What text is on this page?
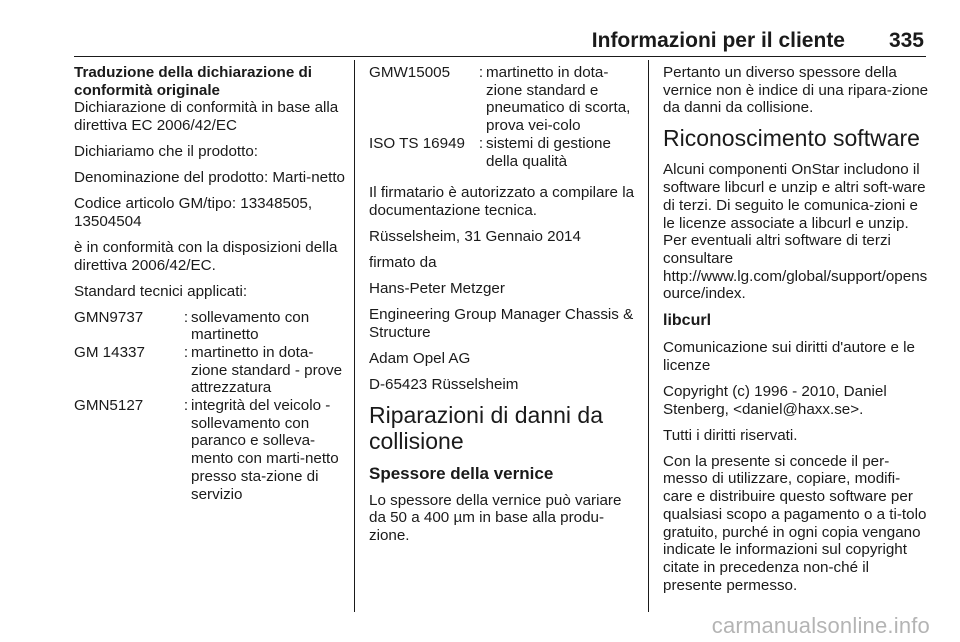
Informazioni per il cliente	335

Traduzione della dichiarazione di conformità originale

Dichiarazione di conformità in base alla direttiva EC 2006/42/EC

Dichiariamo che il prodotto:

Denominazione del prodotto: Marti-netto

Codice articolo GM/tipo: 13348505, 13504504

è in conformità con la disposizioni della direttiva 2006/42/EC.

Standard tecnici applicati:

GMN9737	: sollevamento con martinetto
GM 14337	: martinetto in dota-zione standard - prove attrezzatura
GMN5127	: integrità del veicolo - sollevamento con paranco e solleva-mento con marti-netto presso sta-zione di servizio
GMW15005	: martinetto in dota-zione standard e pneumatico di scorta, prova vei-colo
ISO TS 16949 : sistemi di gestione della qualità

Il firmatario è autorizzato a compilare la documentazione tecnica.

Rüsselsheim, 31 Gennaio 2014

firmato da

Hans-Peter Metzger

Engineering Group Manager Chassis & Structure

Adam Opel AG

D-65423 Rüsselsheim

Riparazioni di danni da collisione
Spessore della vernice

Lo spessore della vernice può variare da 50 a 400 µm in base alla produ-zione.

Pertanto un diverso spessore della vernice non è indice di una ripara-zione da danni da collisione.

Riconoscimento software

Alcuni componenti OnStar includono il software libcurl e unzip e altri soft-ware di terzi. Di seguito le comunica-zioni e le licenze associate a libcurl e unzip. Per eventuali altri software di terzi consultare http://www.lg.com/global/support/opensource/index.

libcurl

Comunicazione sui diritti d'autore e le licenze

Copyright (c) 1996 - 2010, Daniel Stenberg, <daniel@haxx.se>.

Tutti i diritti riservati.

Con la presente si concede il per-messo di utilizzare, copiare, modifi-care e distribuire questo software per qualsiasi scopo a pagamento o a ti-tolo gratuito, purché in ogni copia vengano indicate le informazioni sul copyright citate in precedenza non-ché il presente permesso.

carmanualsonline.info
